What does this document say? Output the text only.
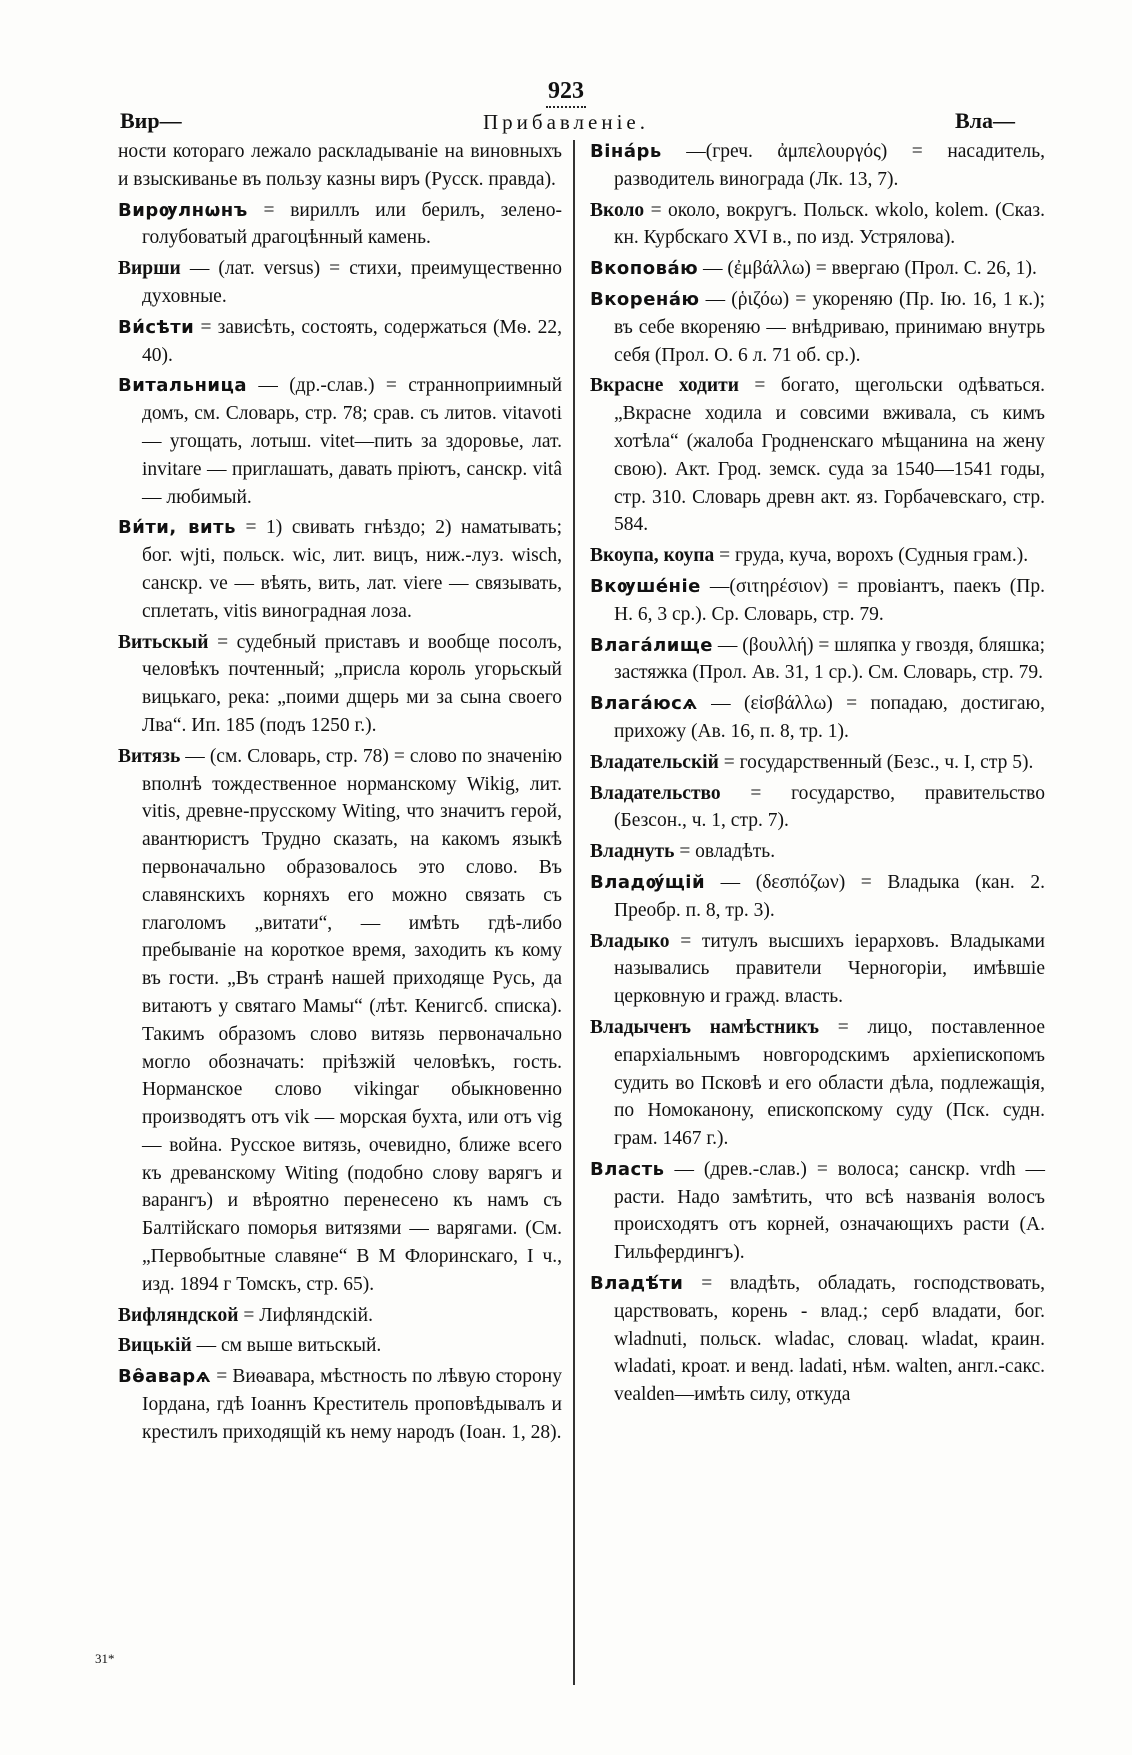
923
Вир—	Прибавленіе.	Вла—

ности котораго лежало раскладываніе на виновныхъ и взыскиванье въ пользу казны виръ (Русск. правда).

Вирѹлнѡнъ = вириллъ или берилъ, зелено-голубоватый драгоцѣнный камень.

Вирши — (лат. versus) = стихи, преимущественно духовные.

Ви́сѣти = зависѣть, состоять, содержаться (Мѳ. 22, 40).

Витальница — (др.-слав.) = странноприимный домъ, см. Словарь, стр. 78; срав. съ литов. vitavoti — угощать, лотыш. vitet—пить за здоровье, лат. invitare — приглашать, давать пріютъ, санскр. vitâ — любимый.

Ви́ти, вить = 1) свивать гнѣздо; 2) наматывать; бог. wjti, польск. wic, лит. вицъ, ниж.-луз. wisch, санскр. ve — вѣять, вить, лат. viere — связывать, сплетать, vitis виноградная лоза.

Витьскый = судебный приставъ и вообще посолъ, человѣкъ почтенный; „присла король угорьскый вицькаго, река: „поими дщерь ми за сына своего Лва“. Ип. 185 (подъ 1250 г.).

Витязь — (см. Словарь, стр. 78) = слово по значенію вполнѣ тождественное норманскому Wikig, лит. vitis, древне-прусскому Witing, что значитъ герой, авантюристъ Трудно сказать, на какомъ языкѣ первоначально образовалось это слово. Въ славянскихъ корняхъ его можно связать съ глаголомъ „витати“, — имѣть гдѣ-либо пребываніе на короткое время, заходить къ кому въ гости. „Въ странѣ нашей приходяще Русь, да витаютъ у святаго Мамы“ (лѣт. Кенигсб. списка). Такимъ образомъ слово витязь первоначально могло обозначать: пріѣзжій человѣкъ, гость. Норманское слово vikingar обыкновенно производятъ отъ vik — морская бухта, или отъ vig — война. Русское витязь, очевидно, ближе всего къ древанскому Witing (подобно слову варягъ и варангъ) и вѣроятно перенесено къ намъ съ Балтійскаго поморья витязями — варягами. (См. „Первобытные славяне“ В М Флоринскаго, I ч., изд. 1894 г Томскъ, стр. 65).

Вифляндской = Лифляндскій.

Вицькій — см выше витьскый.

Вѳ̑аварѧ = Виѳавара, мѣстность по лѣвую сторону Іордана, гдѣ Іоаннъ Креститель проповѣдывалъ и крестилъ приходящій къ нему народъ (Іоан. 1, 28).

Віна́рь —(греч. ἀμπελουργός) = насадитель, разводитель винограда (Лк. 13, 7).

Вколо = около, вокругъ. Польск. wkolo, kolem. (Сказ. кн. Курбскаго XVI в., по изд. Устрялова).

Вкопова́ю — (ἐμβάλλω) = ввергаю (Прол. С. 26, 1).

Вкорена́ю — (ῥιζόω) = укореняю (Пр. Ію. 16, 1 к.); въ себе вкореняю — внѣдриваю, принимаю внутрь себя (Прол. О. 6 л. 71 об. ср.).

Вкрасне ходити = богато, щегольски одѣваться. „Вкрасне ходила и совсими вживала, съ кимъ хотѣла“ (жалоба Гродненскаго мѣщанина на жену свою). Акт. Грод. земск. суда за 1540—1541 годы, стр. 310. Словарь древн акт. яз. Горбачевскаго, стр. 584.

Вкоупа, коупа = груда, куча, ворохъ (Судныя грам.).

Вкѹше́ніе —(σιτηρέσιον) = провіантъ, паекъ (Пр. Н. 6, 3 ср.). Ср. Словарь, стр. 79.

Влага́лище — (βουλλή) = шляпка у гвоздя, бляшка; застяжка (Прол. Ав. 31, 1 ср.). См. Словарь, стр. 79.

Влага́юсѧ — (εἰσβάλλω) = попадаю, достигаю, прихожу (Ав. 16, п. 8, тр. 1).

Владательскій = государственный (Безс., ч. I, стр 5).

Владательство = государство, правительство (Безсон., ч. 1, стр. 7).

Владнуть = овладѣть.

Владѹ́щій — (δεσπόζων) = Владыка (кан. 2. Преобр. п. 8, тр. 3).

Владыко = титулъ высшихъ іерарховъ. Владыками назывались правители Черногоріи, имѣвшіе церковную и гражд. власть.

Владыченъ намѣстникъ = лицо, поставленное епархіальнымъ новгородскимъ архіепископомъ судить во Псковѣ и его области дѣла, подлежащія, по Номоканону, епископскому суду (Пск. судн. грам. 1467 г.).

Власть — (древ.-слав.) = волоса; санскр. vrdh — расти. Надо замѣтить, что всѣ названія волосъ происходятъ отъ корней, означающихъ расти (А. Гильфердингъ).

Владѣ́ти = владѣть, обладать, господствовать, царствовать, корень - влад.; серб владати, бог. wladnuti, польск. wladac, словац. wladat, краин. wladati, кроат. и венд. ladati, нѣм. walten, англ.-сакс. vealden—имѣть силу, откуда

31*
